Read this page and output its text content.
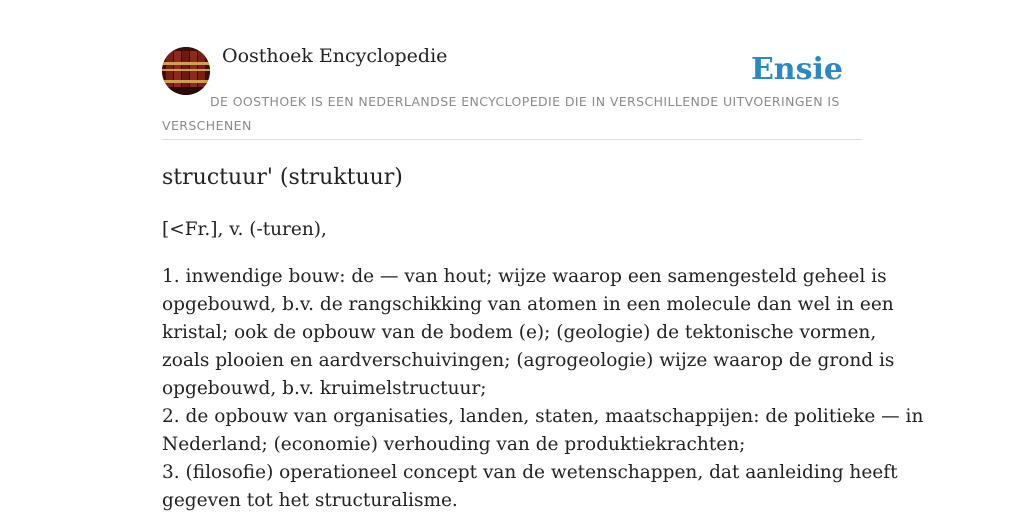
Oosthoek Encyclopedie	Ensie
DE OOSTHOEK IS EEN NEDERLANDSE ENCYCLOPEDIE DIE IN VERSCHILLENDE UITVOERINGEN IS
VERSCHENEN
structuur' (struktuur)

[<Fr.], v. (-turen),

1. inwendige bouw: de — van hout; wijze waarop een samengesteld geheel is
opgebouwd, b.v. de rangschikking van atomen in een molecule dan wel in een
kristal; ook de opbouw van de bodem (e); (geologie) de tektonische vormen,
zoals plooien en aardverschuivingen; (agrogeologie) wijze waarop de grond is
opgebouwd, b.v. kruimelstructuur;
2. de opbouw van organisaties, landen, staten, maatschappijen: de politieke — in
Nederland; (economie) verhouding van de produktiekrachten;
3. (filosofie) operationeel concept van de wetenschappen, dat aanleiding heeft
gegeven tot het structuralisme.
